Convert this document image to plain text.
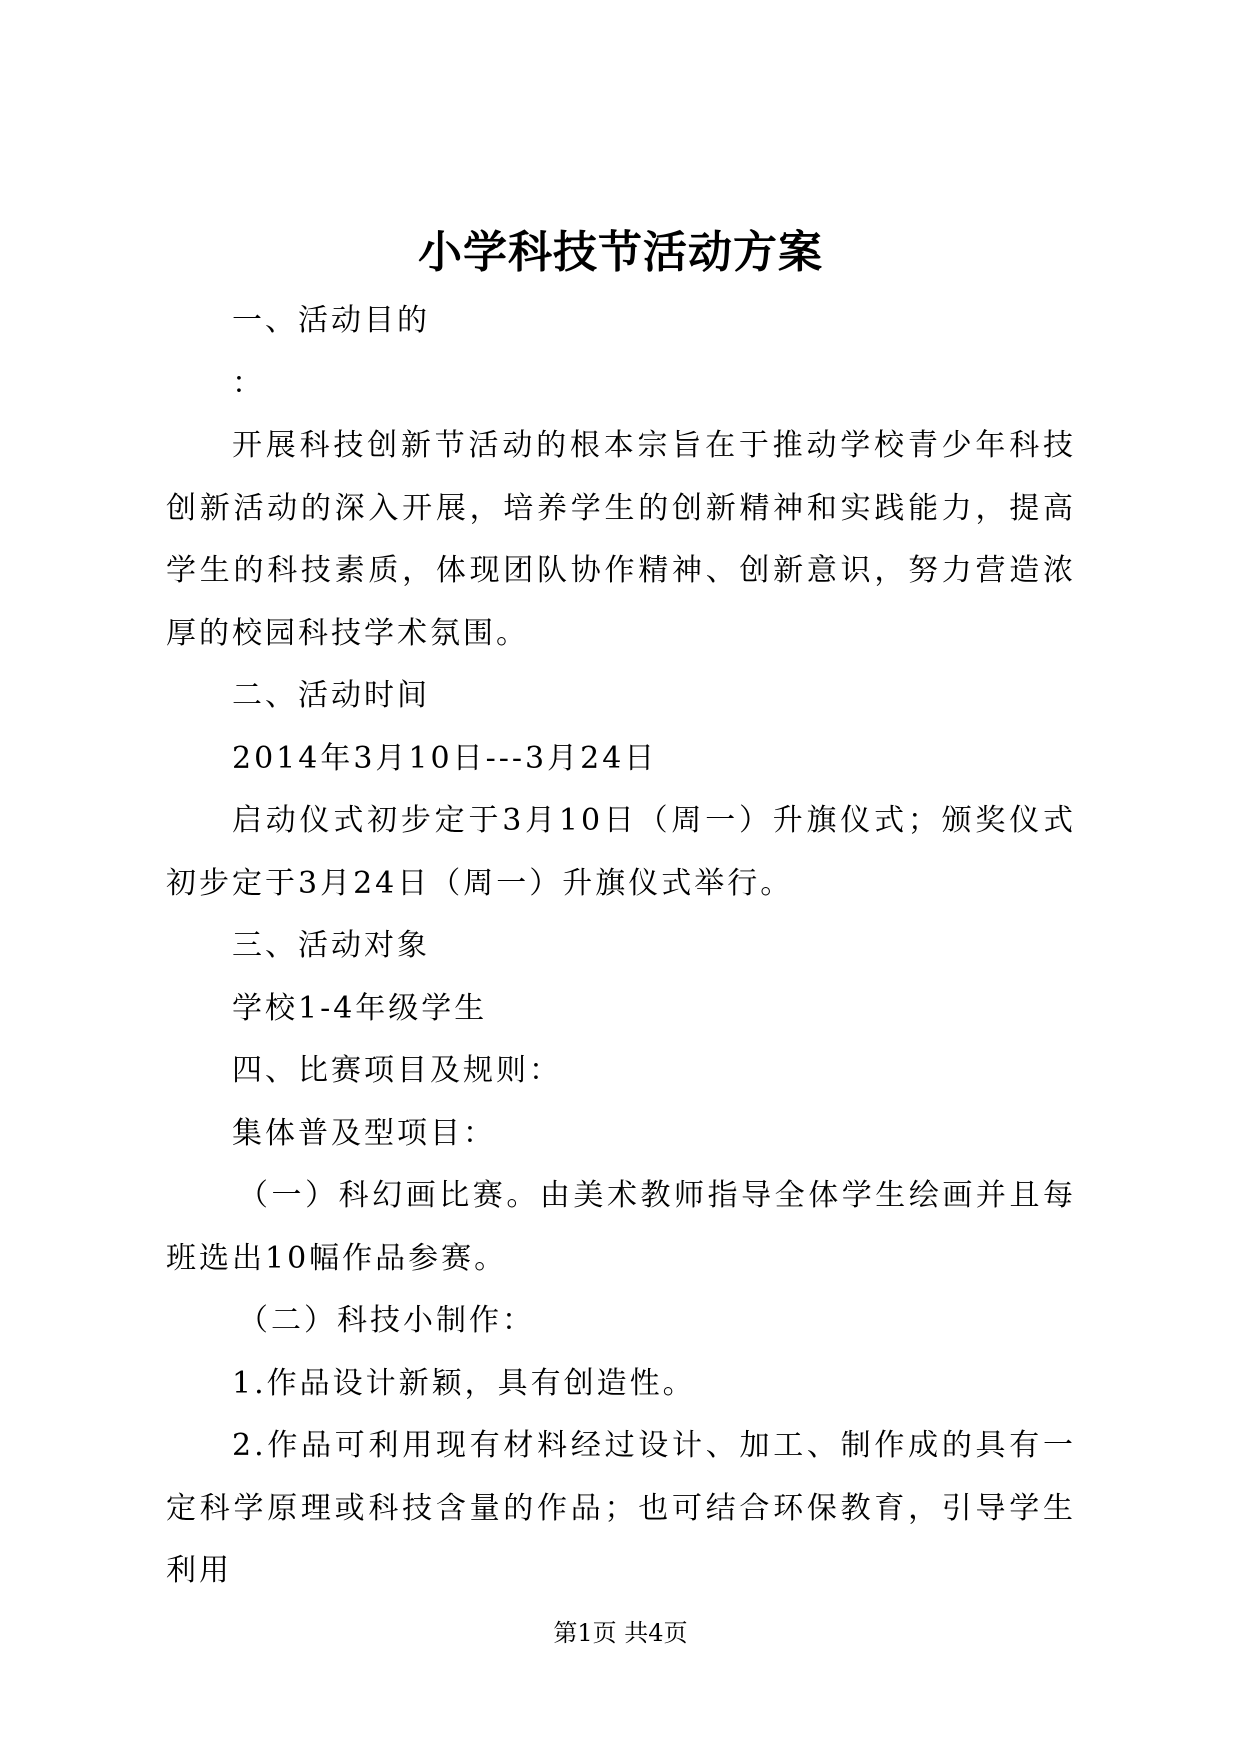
小学科技节活动方案

一、活动目的

：

开展科技创新节活动的根本宗旨在于推动学校青少年科技创新活动的深入开展，培养学生的创新精神和实践能力，提高学生的科技素质，体现团队协作精神、创新意识，努力营造浓厚的校园科技学术氛围。

二、活动时间

2014年3月10日---3月24日

启动仪式初步定于3月10日（周一）升旗仪式；颁奖仪式初步定于3月24日（周一）升旗仪式举行。

三、活动对象

学校1-4年级学生

四、比赛项目及规则：

集体普及型项目：

（一）科幻画比赛。由美术教师指导全体学生绘画并且每班选出10幅作品参赛。

（二）科技小制作：

1.作品设计新颖，具有创造性。

2.作品可利用现有材料经过设计、加工、制作成的具有一定科学原理或科技含量的作品；也可结合环保教育，引导学生利用

第1页 共4页
